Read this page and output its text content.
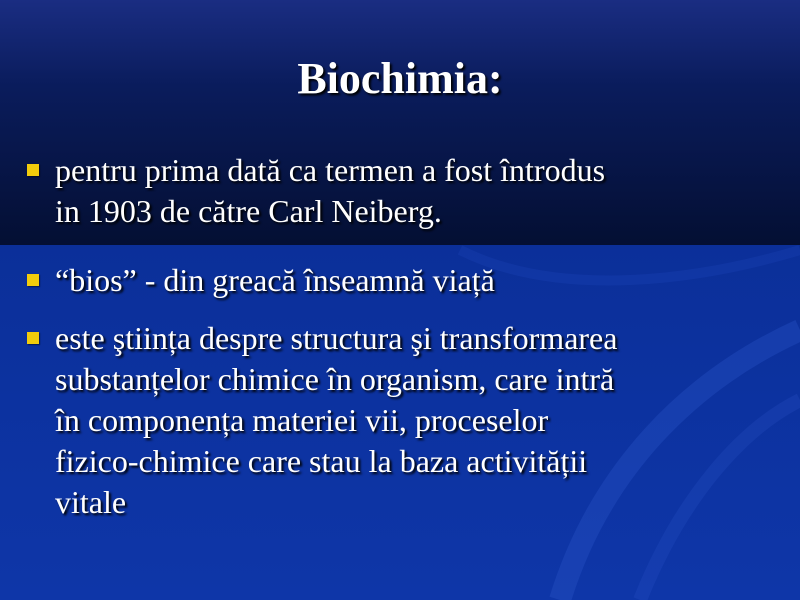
Biochimia:
pentru prima dată ca termen a fost întrodus
in 1903 de către Carl Neiberg.
“bios” - din greacă înseamnă viață
este ştiința despre structura şi transformarea
substanțelor chimice în organism, care intră
în componența materiei vii, proceselor
fizico-chimice care stau la baza activității
vitale
